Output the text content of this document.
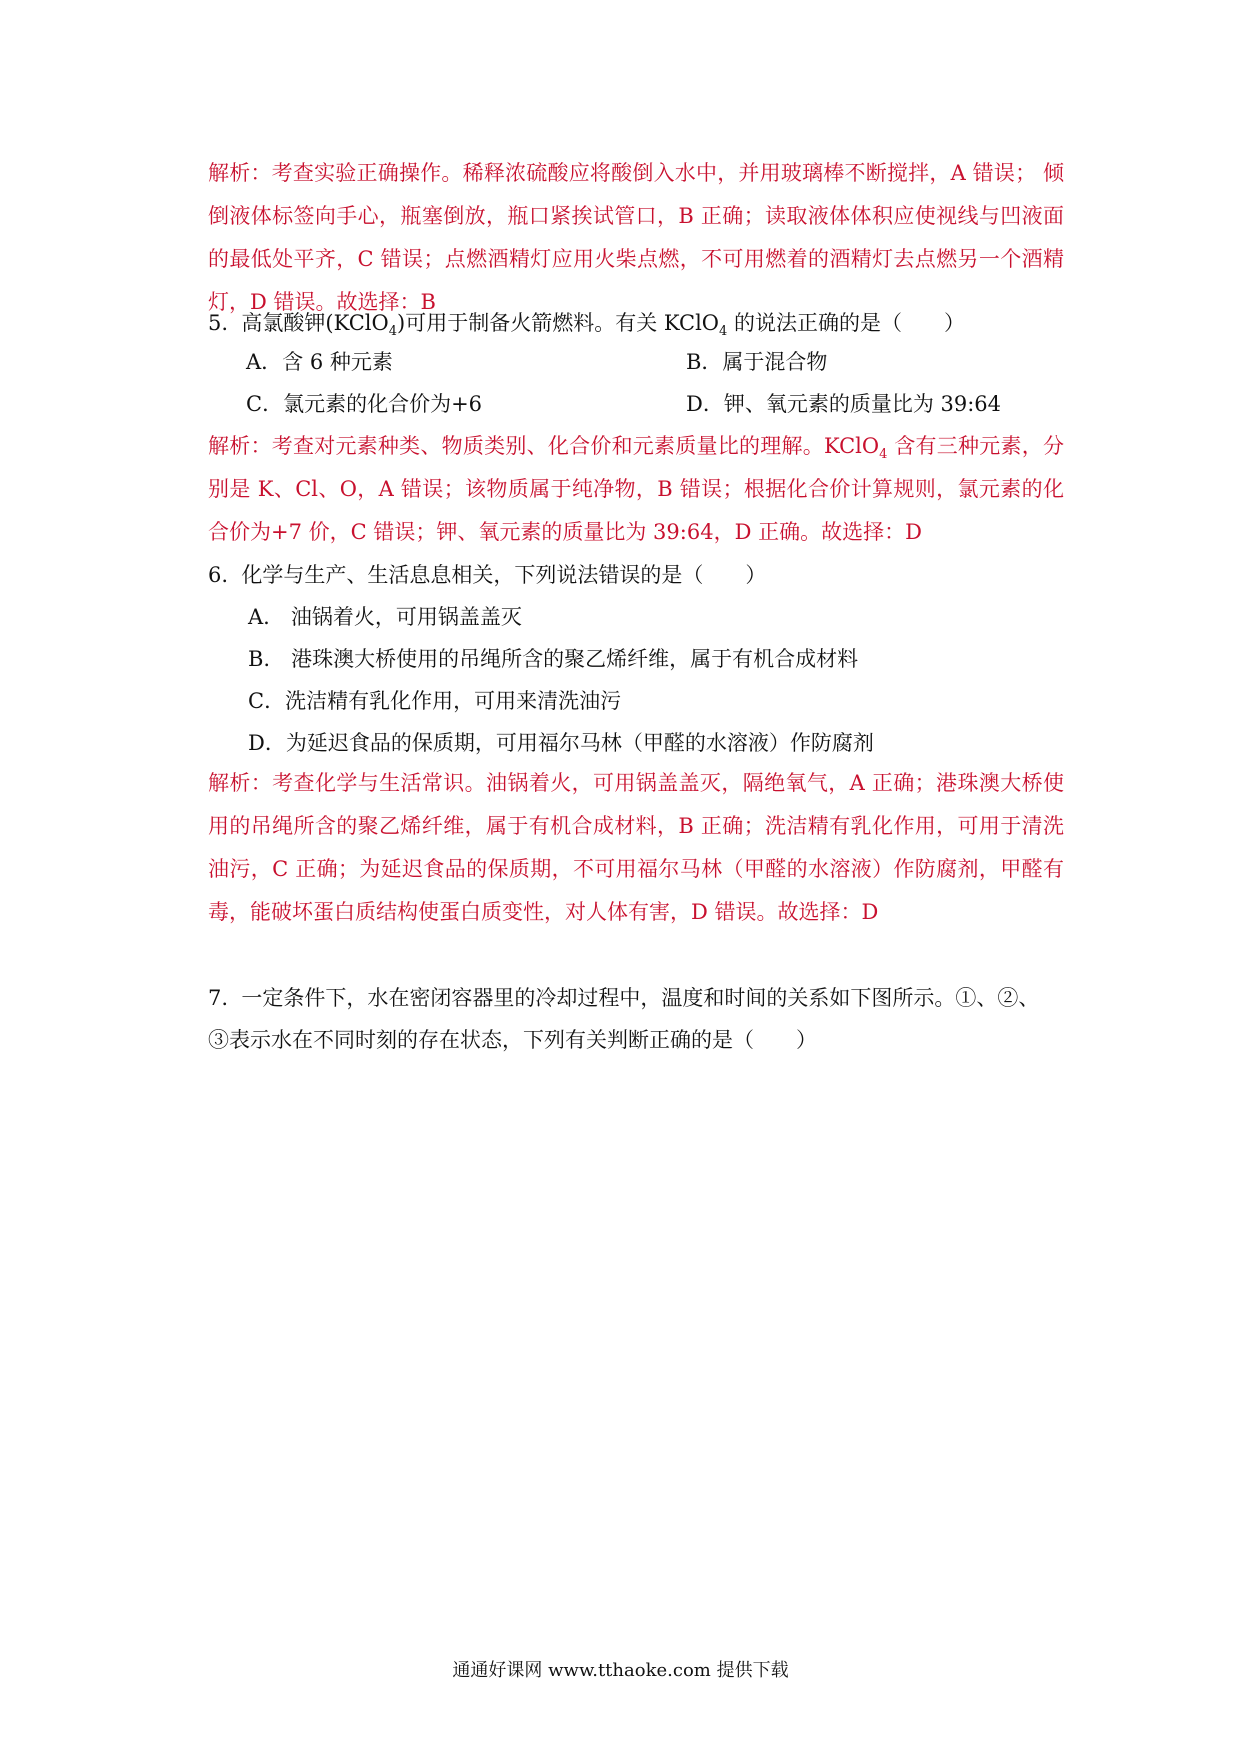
解析：考查实验正确操作。稀释浓硫酸应将酸倒入水中，并用玻璃棒不断搅拌，A 错误； 倾倒液体标签向手心，瓶塞倒放，瓶口紧挨试管口，B 正确；读取液体体积应使视线与凹液面的最低处平齐，C 错误；点燃酒精灯应用火柴点燃，不可用燃着的酒精灯去点燃另一个酒精灯，D 错误。故选择：B

5. 高氯酸钾(KClO$_4$)可用于制备火箭燃料。有关 KClO$_4$ 的说法正确的是（　　）

A．含 6 种元素	B．属于混合物
C．氯元素的化合价为+6	D．钾、氧元素的质量比为 39:64

解析：考查对元素种类、物质类别、化合价和元素质量比的理解。KClO$_4$ 含有三种元素，分别是 K、Cl、O，A 错误；该物质属于纯净物，B 错误；根据化合价计算规则，氯元素的化合价为+7 价，C 错误；钾、氧元素的质量比为 39:64，D 正确。故选择：D

6. 化学与生产、生活息息相关，下列说法错误的是（　　）

A.　油锅着火，可用锅盖盖灭
B.　港珠澳大桥使用的吊绳所含的聚乙烯纤维，属于有机合成材料
C．洗洁精有乳化作用，可用来清洗油污
D．为延迟食品的保质期，可用福尔马林（甲醛的水溶液）作防腐剂

解析：考查化学与生活常识。油锅着火，可用锅盖盖灭，隔绝氧气，A 正确；港珠澳大桥使用的吊绳所含的聚乙烯纤维，属于有机合成材料，B 正确；洗洁精有乳化作用，可用于清洗油污，C 正确；为延迟食品的保质期，不可用福尔马林（甲醛的水溶液）作防腐剂，甲醛有毒，能破坏蛋白质结构使蛋白质变性，对人体有害，D 错误。故选择：D

7. 一定条件下，水在密闭容器里的冷却过程中，温度和时间的关系如下图所示。①、②、

③表示水在不同时刻的存在状态，下列有关判断正确的是（　　）

通通好课网 www.tthaoke.com 提供下载
